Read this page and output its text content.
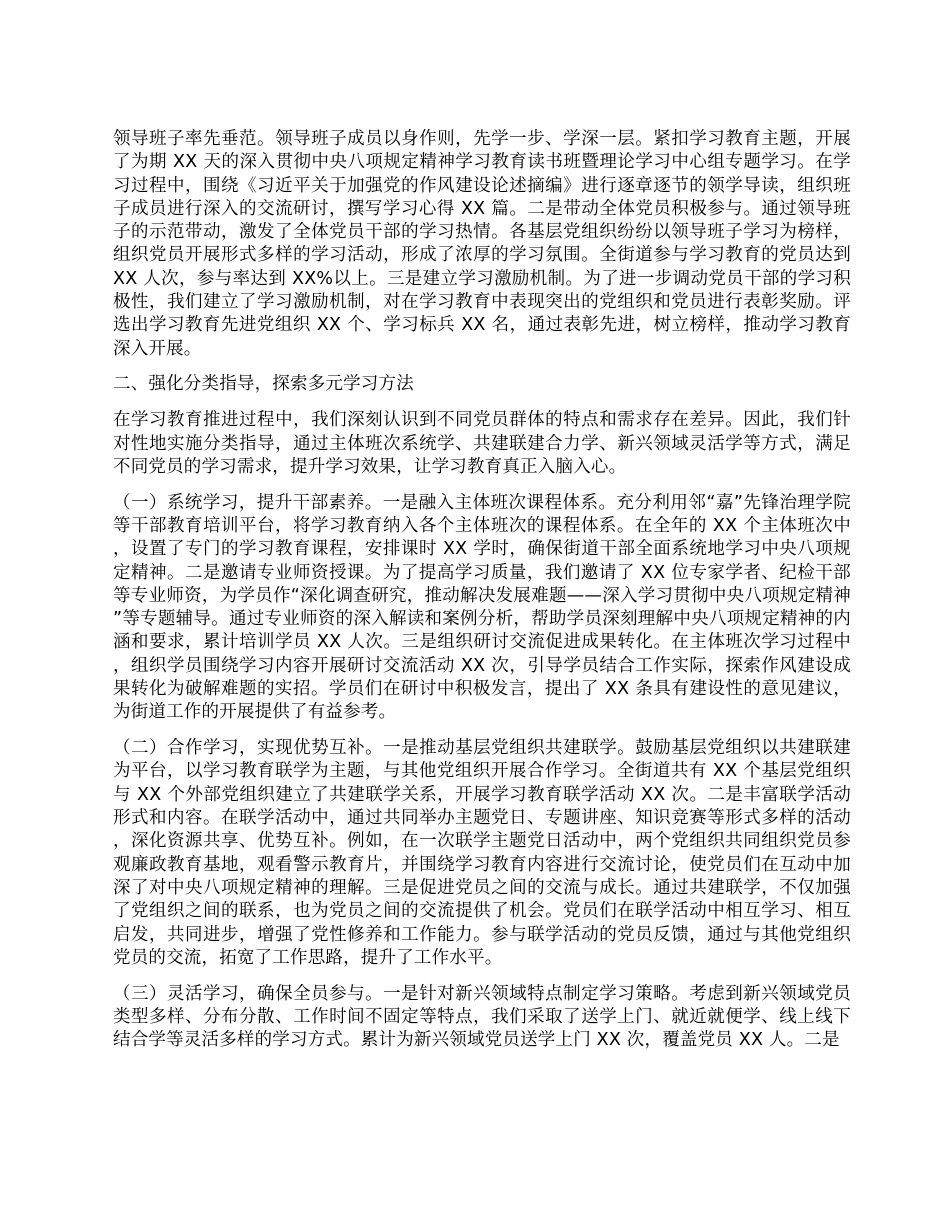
领导班子率先垂范。领导班子成员以身作则，先学一步、学深一层。紧扣学习教育主题，开展了为期 XX 天的深入贯彻中央八项规定精神学习教育读书班暨理论学习中心组专题学习。在学习过程中，围绕《习近平关于加强党的作风建设论述摘编》进行逐章逐节的领学导读，组织班子成员进行深入的交流研讨，撰写学习心得 XX 篇。二是带动全体党员积极参与。通过领导班子的示范带动，激发了全体党员干部的学习热情。各基层党组织纷纷以领导班子学习为榜样，组织党员开展形式多样的学习活动，形成了浓厚的学习氛围。全街道参与学习教育的党员达到 XX 人次，参与率达到 XX%以上。三是建立学习激励机制。为了进一步调动党员干部的学习积极性，我们建立了学习激励机制，对在学习教育中表现突出的党组织和党员进行表彰奖励。评选出学习教育先进党组织 XX 个、学习标兵 XX 名，通过表彰先进，树立榜样，推动学习教育深入开展。

二、强化分类指导，探索多元学习方法

在学习教育推进过程中，我们深刻认识到不同党员群体的特点和需求存在差异。因此，我们针对性地实施分类指导，通过主体班次系统学、共建联建合力学、新兴领域灵活学等方式，满足不同党员的学习需求，提升学习效果，让学习教育真正入脑入心。

（一）系统学习，提升干部素养。一是融入主体班次课程体系。充分利用邻“嘉”先锋治理学院等干部教育培训平台，将学习教育纳入各个主体班次的课程体系。在全年的 XX 个主体班次中，设置了专门的学习教育课程，安排课时 XX 学时，确保街道干部全面系统地学习中央八项规定精神。二是邀请专业师资授课。为了提高学习质量，我们邀请了 XX 位专家学者、纪检干部等专业师资，为学员作“深化调查研究，推动解决发展难题——深入学习贯彻中央八项规定精神”等专题辅导。通过专业师资的深入解读和案例分析，帮助学员深刻理解中央八项规定精神的内涵和要求，累计培训学员 XX 人次。三是组织研讨交流促进成果转化。在主体班次学习过程中，组织学员围绕学习内容开展研讨交流活动 XX 次，引导学员结合工作实际，探索作风建设成果转化为破解难题的实招。学员们在研讨中积极发言，提出了 XX 条具有建设性的意见建议，为街道工作的开展提供了有益参考。

（二）合作学习，实现优势互补。一是推动基层党组织共建联学。鼓励基层党组织以共建联建为平台，以学习教育联学为主题，与其他党组织开展合作学习。全街道共有 XX 个基层党组织与 XX 个外部党组织建立了共建联学关系，开展学习教育联学活动 XX 次。二是丰富联学活动形式和内容。在联学活动中，通过共同举办主题党日、专题讲座、知识竞赛等形式多样的活动，深化资源共享、优势互补。例如，在一次联学主题党日活动中，两个党组织共同组织党员参观廉政教育基地，观看警示教育片，并围绕学习教育内容进行交流讨论，使党员们在互动中加深了对中央八项规定精神的理解。三是促进党员之间的交流与成长。通过共建联学，不仅加强了党组织之间的联系，也为党员之间的交流提供了机会。党员们在联学活动中相互学习、相互启发，共同进步，增强了党性修养和工作能力。参与联学活动的党员反馈，通过与其他党组织党员的交流，拓宽了工作思路，提升了工作水平。

（三）灵活学习，确保全员参与。一是针对新兴领域特点制定学习策略。考虑到新兴领域党员类型多样、分布分散、工作时间不固定等特点，我们采取了送学上门、就近就便学、线上线下结合学等灵活多样的学习方式。累计为新兴领域党员送学上门 XX 次，覆盖党员 XX 人。二是
